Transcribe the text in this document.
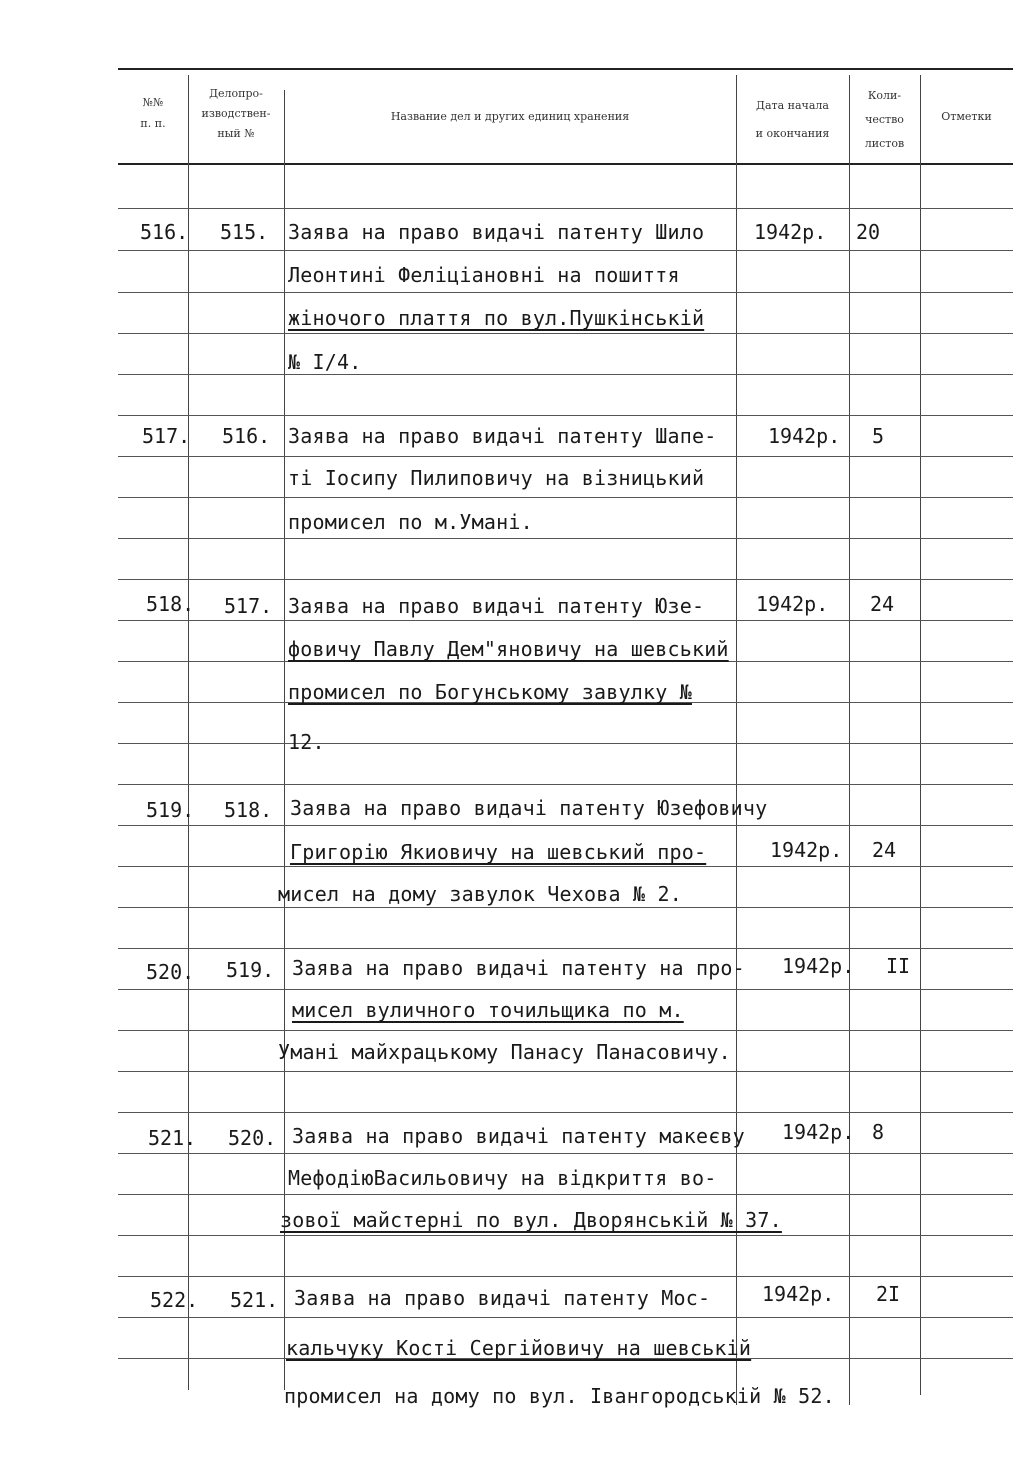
№№
п. п.
Делопро-
изводствен-
ный №
Название дел и других единиц хранения
Дата начала
и окончания
Коли-
чество
листов
Отметки
516. 515. Заява на право видачі патенту Шило
Леонтині Феліціановні на пошиття
жіночого плаття по вул.Пушкінській
№ I/4.
1942р. 20
517. 516. Заява на право видачі патенту Шапе-
ті Іосипу Пилиповичу на візницький
промисел по м.Умані.
1942р. 5
518. 517. Заява на право видачі патенту Юзе-
фовичу Павлу Дем"яновичу на шевський
промисел по Богунському завулку №
12.
1942р. 24
519. 518. Заява на право видачі патенту Юзефовичу
Григорію Якиовичу на шевський про-
мисел на дому завулок Чехова № 2.
1942р. 24
520. 519. Заява на право видачі патенту на про-
мисел вуличного точильщика по м.
Умані майхрацькому Панасу Панасовичу.
1942р. II
521. 520. Заява на право видачі патенту макеєву
МефодіюВасильовичу на відкриття во-
зової майстерні по вул. Дворянській № 37.
1942р. 8
522. 521. Заява на право видачі патенту Мос-
кальчуку Кості Сергійовичу на шевській
промисел на дому по вул. Івангородській № 52.
1942р. 2I
